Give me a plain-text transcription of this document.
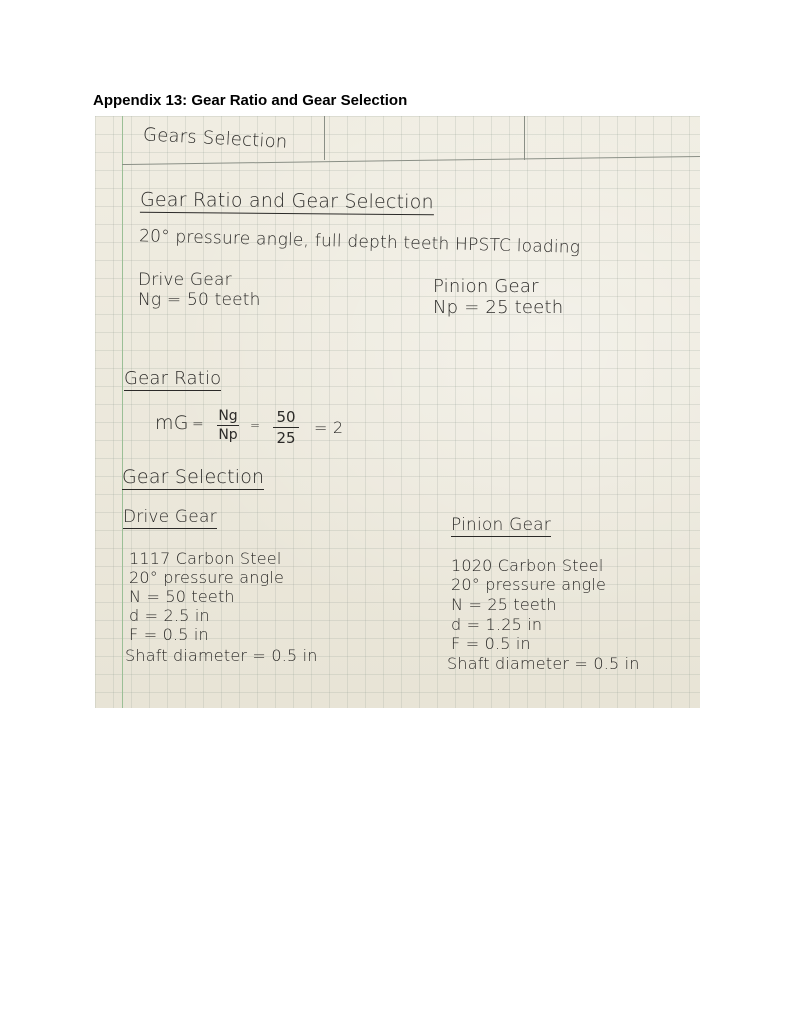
Appendix 13: Gear Ratio and Gear Selection
Gears Selection
Gear Ratio and Gear Selection
20° pressure angle, full depth teeth HPSTC loading
Drive Gear
Ng = 50 teeth
Pinion Gear
Np = 25 teeth
Gear Ratio
mG = Ng
Np
= 50
25
= 2
Gear Selection
Drive Gear
1117 Carbon Steel
20° pressure angle
N = 50 teeth
d = 2.5 in
F = 0.5 in
Shaft diameter = 0.5 in
Pinion Gear
1020 Carbon Steel
20° pressure angle
N = 25 teeth
d = 1.25 in
F = 0.5 in
Shaft diameter = 0.5 in
